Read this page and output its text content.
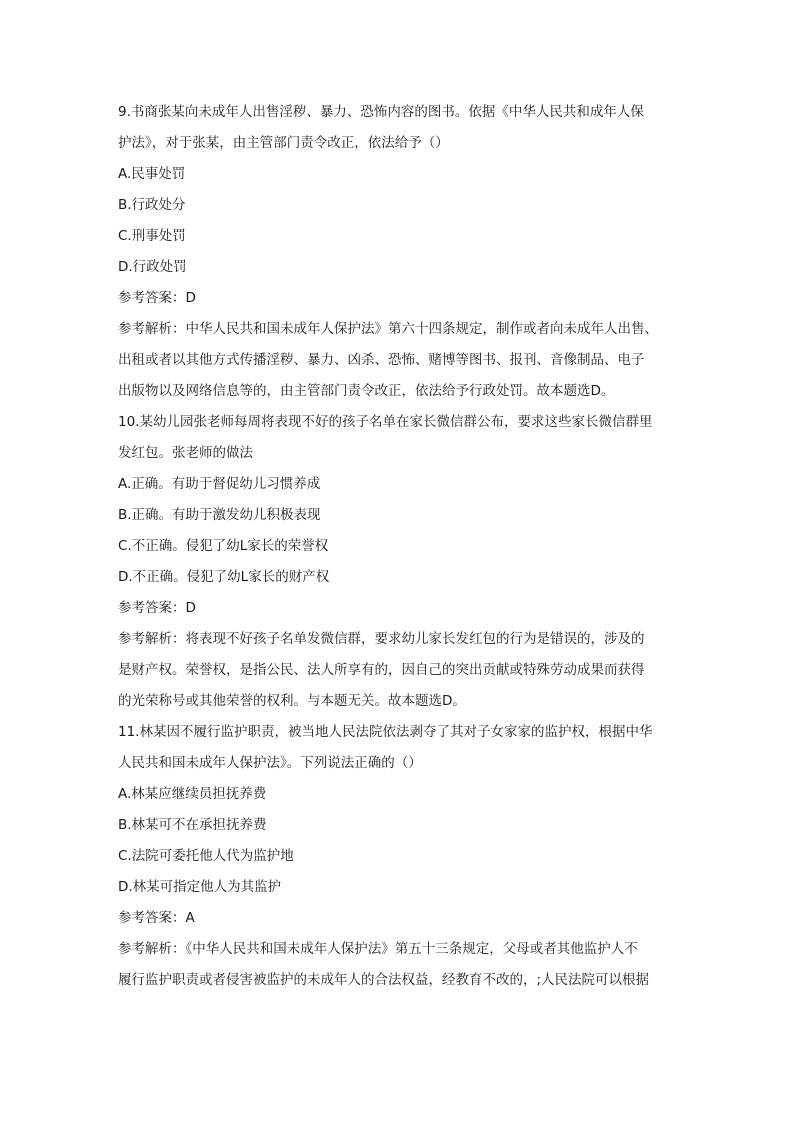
9.书商张某向未成年人出售淫秽、暴力、恐怖内容的图书。依据《中华人民共和成年人保
护法》，对于张某，由主管部门责令改正，依法给予（）
A.民事处罚
B.行政处分
C.刑事处罚
D.行政处罚
参考答案：D
参考解析：中华人民共和国未成年人保护法》第六十四条规定，制作或者向未成年人出售、
出租或者以其他方式传播淫秽、暴力、凶杀、恐怖、赌博等图书、报刊、音像制品、电子
出版物以及网络信息等的，由主管部门责令改正，依法给予行政处罚。故本题选D。
10.某幼儿园张老师每周将表现不好的孩子名单在家长微信群公布，要求这些家长微信群里
发红包。张老师的做法
A.正确。有助于督促幼儿习惯养成
B.正确。有助于激发幼儿积极表现
C.不正确。侵犯了幼L家长的荣誉权
D.不正确。侵犯了幼L家长的财产权
参考答案：D
参考解析：将表现不好孩子名单发微信群，要求幼儿家长发红包的行为是错误的，涉及的
是财产权。荣誉权，是指公民、法人所享有的，因自己的突出贡献或特殊劳动成果而获得
的光荣称号或其他荣誉的权利。与本题无关。故本题选D。
11.林某因不履行监护职责，被当地人民法院依法剥夺了其对子女家家的监护权，根据中华
人民共和国未成年人保护法》。下列说法正确的（）
A.林某应继续员担抚养费
B.林某可不在承担抚养费
C.法院可委托他人代为监护地
D.林某可指定他人为其监护
参考答案：A
参考解析：《中华人民共和国未成年人保护法》第五十三条规定，父母或者其他监护人不
履行监护职责或者侵害被监护的未成年人的合法权益，经教育不改的，;人民法院可以根据
